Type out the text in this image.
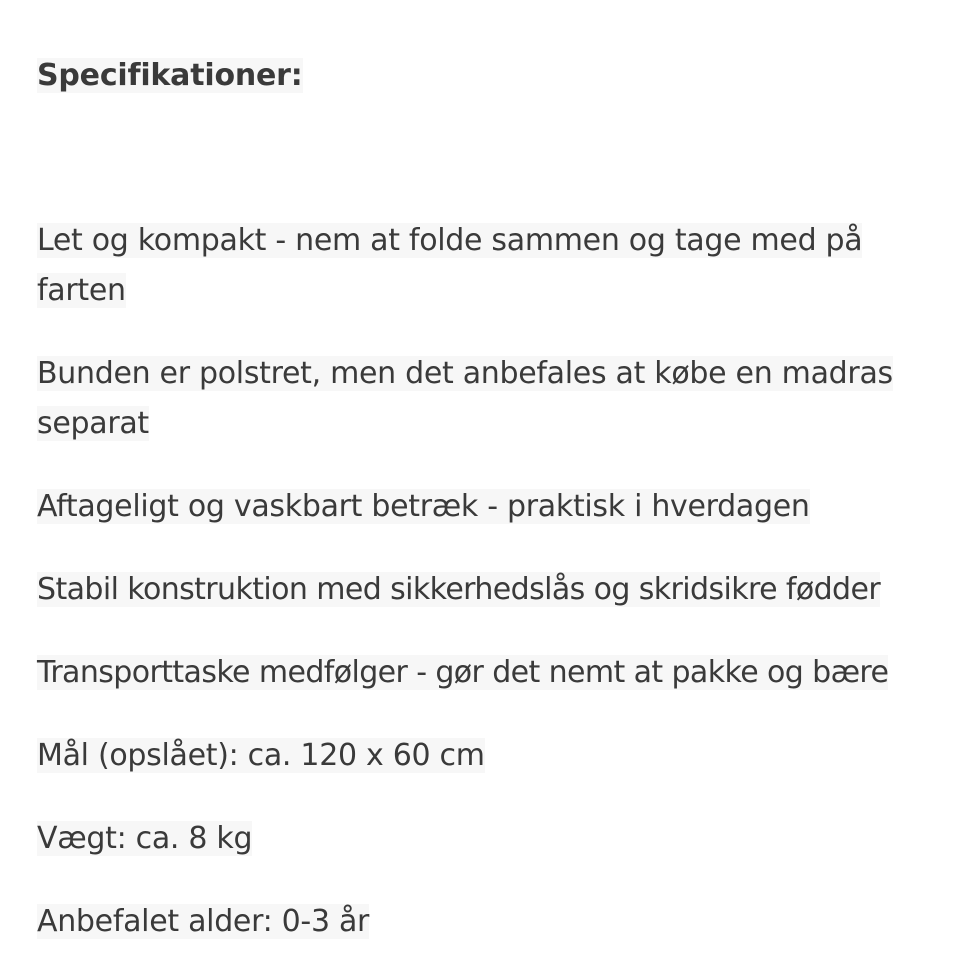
Specifikationer:
Let og kompakt - nem at folde sammen og tage med på farten
Bunden er polstret, men det anbefales at købe en madras separat
Aftageligt og vaskbart betræk - praktisk i hverdagen
Stabil konstruktion med sikkerhedslås og skridsikre fødder
Transporttaske medfølger - gør det nemt at pakke og bære
Mål (opslået): ca. 120 x 60 cm
Vægt: ca. 8 kg
Anbefalet alder: 0-3 år
